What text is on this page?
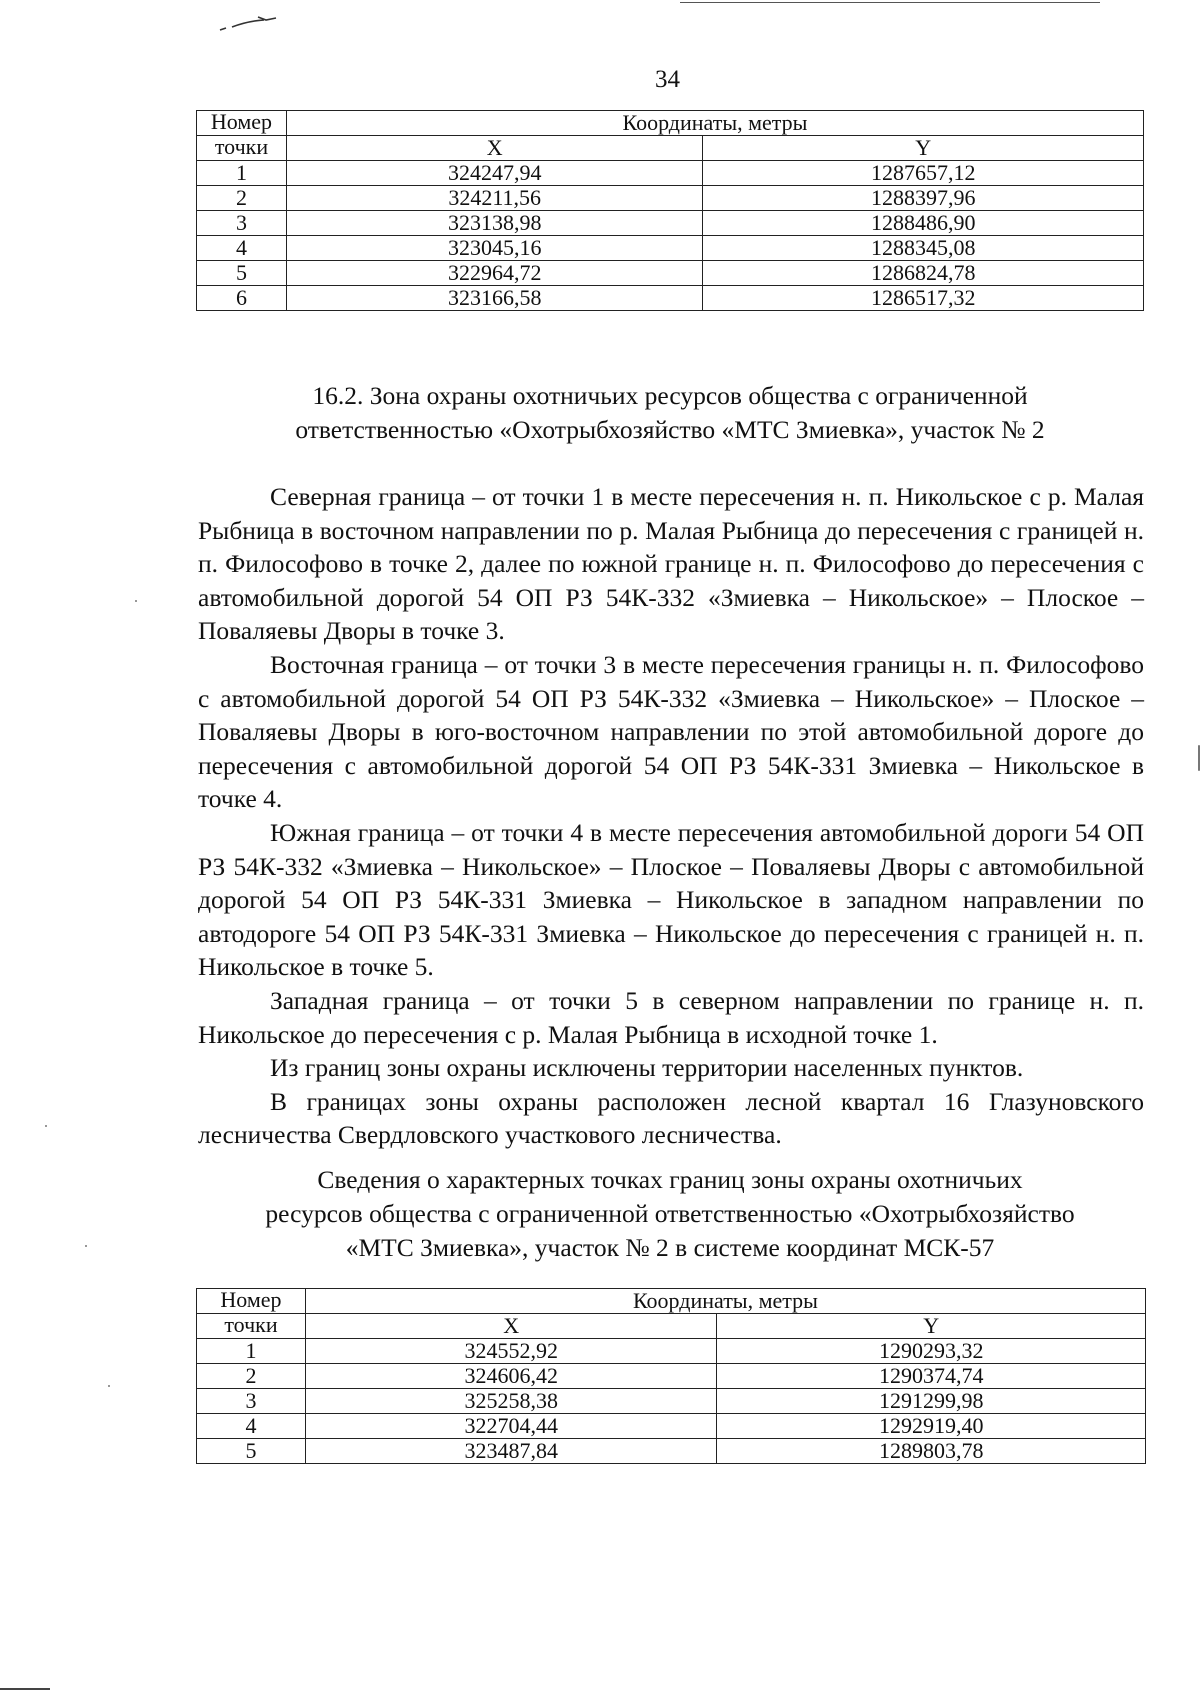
34
Номер	Координаты, метры	
точки	X	Y
1	324247,94	1287657,12
2	324211,56	1288397,96
3	323138,98	1288486,90
4	323045,16	1288345,08
5	322964,72	1286824,78
6	323166,58	1286517,32
16.2. Зона охраны охотничьих ресурсов общества с ограниченной
ответственностью «Охотрыбхозяйство «МТС Змиевка», участок № 2

Северная граница – от точки 1 в месте пересечения н. п. Никольское с р. Малая Рыбница в восточном направлении по р. Малая Рыбница до пересечения с границей н. п. Философово в точке 2, далее по южной границе н. п. Философово до пересечения с автомобильной дорогой 54 ОП РЗ 54К-332 «Змиевка – Никольское» – Плоское – Поваляевы Дворы в точке 3.

Восточная граница – от точки 3 в месте пересечения границы н. п. Философово с автомобильной дорогой 54 ОП РЗ 54К-332 «Змиевка – Никольское» – Плоское – Поваляевы Дворы в юго-восточном направлении по этой автомобильной дороге до пересечения с автомобильной дорогой 54 ОП РЗ 54К-331 Змиевка – Никольское в точке 4.

Южная граница – от точки 4 в месте пересечения автомобильной дороги 54 ОП РЗ 54К-332 «Змиевка – Никольское» – Плоское – Поваляевы Дворы с автомобильной дорогой 54 ОП РЗ 54К-331 Змиевка – Никольское в западном направлении по автодороге 54 ОП РЗ 54К-331 Змиевка – Никольское до пересечения с границей н. п. Никольское в точке 5.

Западная граница – от точки 5 в северном направлении по границе н. п. Никольское до пересечения с р. Малая Рыбница в исходной точке 1.

Из границ зоны охраны исключены территории населенных пунктов.

В границах зоны охраны расположен лесной квартал 16 Глазуновского лесничества Свердловского участкового лесничества.

Сведения о характерных точках границ зоны охраны охотничьих
ресурсов общества с ограниченной ответственностью «Охотрыбхозяйство
«МТС Змиевка», участок № 2 в системе координат МСК-57
Номер	Координаты, метры	
точки	X	Y
1	324552,92	1290293,32
2	324606,42	1290374,74
3	325258,38	1291299,98
4	322704,44	1292919,40
5	323487,84	1289803,78
